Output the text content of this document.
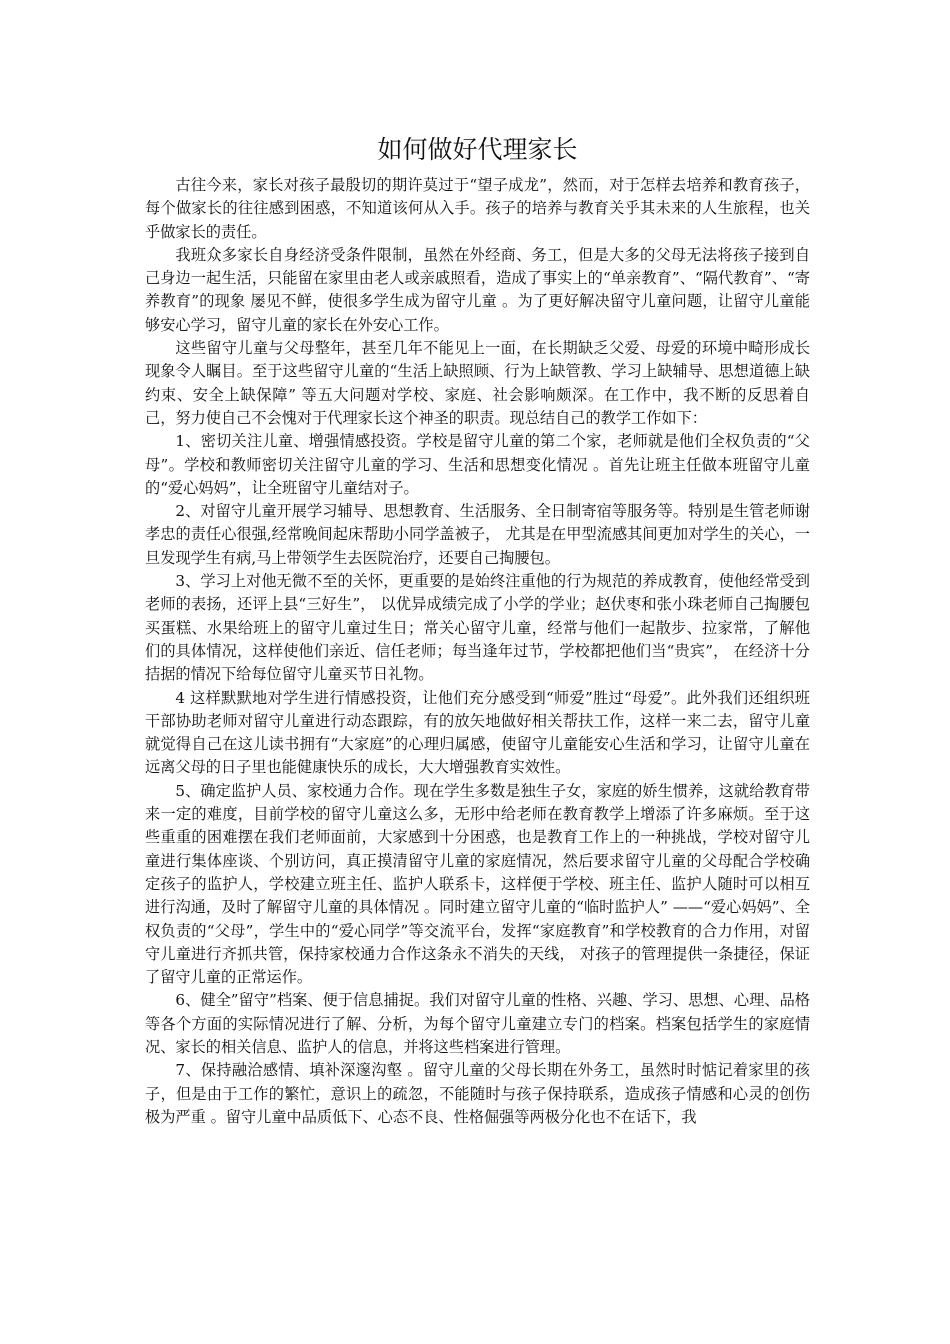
如何做好代理家长

古往今来，家长对孩子最殷切的期许莫过于“望子成龙”，然而，对于怎样去培养和教育孩子，每个做家长的往往感到困惑，不知道该何从入手。孩子的培养与教育关乎其未来的人生旅程，也关乎做家长的责任。

我班众多家长自身经济受条件限制，虽然在外经商、务工，但是大多的父母无法将孩子接到自己身边一起生活，只能留在家里由老人或亲戚照看，造成了事实上的“单亲教育”、“隔代教育”、“寄养教育”的现象 屡见不鲜，使很多学生成为留守儿童 。为了更好解决留守儿童问题，让留守儿童能够安心学习，留守儿童的家长在外安心工作。

这些留守儿童与父母整年，甚至几年不能见上一面，在长期缺乏父爱、母爱的环境中畸形成长现象令人瞩目。至于这些留守儿童的“生活上缺照顾、行为上缺管教、学习上缺辅导、思想道德上缺约束、安全上缺保障” 等五大问题对学校、家庭、社会影响颇深。在工作中，我不断的反思着自己，努力使自己不会愧对于代理家长这个神圣的职责。现总结自己的教学工作如下：

1、密切关注儿童、增强情感投资。学校是留守儿童的第二个家，老师就是他们全权负责的“父母”。学校和教师密切关注留守儿童的学习、生活和思想变化情况 。首先让班主任做本班留守儿童的“爱心妈妈”，让全班留守儿童结对子。

2、对留守儿童开展学习辅导、思想教育、生活服务、全日制寄宿等服务等。特别是生管老师谢孝忠的责任心很强,经常晚间起床帮助小同学盖被子， 尤其是在甲型流感其间更加对学生的关心，一旦发现学生有病,马上带领学生去医院治疗，还要自己掏腰包。

3、学习上对他无微不至的关怀，更重要的是始终注重他的行为规范的养成教育，使他经常受到老师的表扬，还评上县“三好生”， 以优异成绩完成了小学的学业；赵伏枣和张小珠老师自己掏腰包买蛋糕、水果给班上的留守儿童过生日；常关心留守儿童，经常与他们一起散步、拉家常，了解他们的具体情况，这样使他们亲近、信任老师；每当逢年过节，学校都把他们当“贵宾”， 在经济十分拮据的情况下给每位留守儿童买节日礼物。

4 这样默默地对学生进行情感投资，让他们充分感受到“师爱”胜过“母爱”。此外我们还组织班干部协助老师对留守儿童进行动态跟踪，有的放矢地做好相关帮扶工作，这样一来二去，留守儿童就觉得自己在这儿读书拥有“大家庭”的心理归属感，使留守儿童能安心生活和学习，让留守儿童在远离父母的日子里也能健康快乐的成长，大大增强教育实效性。

5、确定监护人员、家校通力合作。现在学生多数是独生子女，家庭的娇生惯养，这就给教育带来一定的难度，目前学校的留守儿童这么多，无形中给老师在教育教学上增添了许多麻烦。至于这些重重的困难摆在我们老师面前，大家感到十分困惑，也是教育工作上的一种挑战，学校对留守儿童进行集体座谈、个别访问，真正摸清留守儿童的家庭情况，然后要求留守儿童的父母配合学校确定孩子的监护人，学校建立班主任、监护人联系卡，这样便于学校、班主任、监护人随时可以相互进行沟通，及时了解留守儿童的具体情况 。同时建立留守儿童的“临时监护人” ——“爱心妈妈”、全权负责的“父母”，学生中的“爱心同学”等交流平台，发挥“家庭教育”和学校教育的合力作用，对留守儿童进行齐抓共管，保持家校通力合作这条永不消失的天线， 对孩子的管理提供一条捷径，保证了留守儿童的正常运作。

6、健全”留守”档案、便于信息捕捉。我们对留守儿童的性格、兴趣、学习、思想、心理、品格等各个方面的实际情况进行了解、分析，为每个留守儿童建立专门的档案。档案包括学生的家庭情况、家长的相关信息、监护人的信息，并将这些档案进行管理。

7、保持融洽感情、填补深邃沟壑 。留守儿童的父母长期在外务工，虽然时时惦记着家里的孩子，但是由于工作的繁忙，意识上的疏忽，不能随时与孩子保持联系，造成孩子情感和心灵的创伤极为严重 。留守儿童中品质低下、心态不良、性格倔强等两极分化也不在话下，我
